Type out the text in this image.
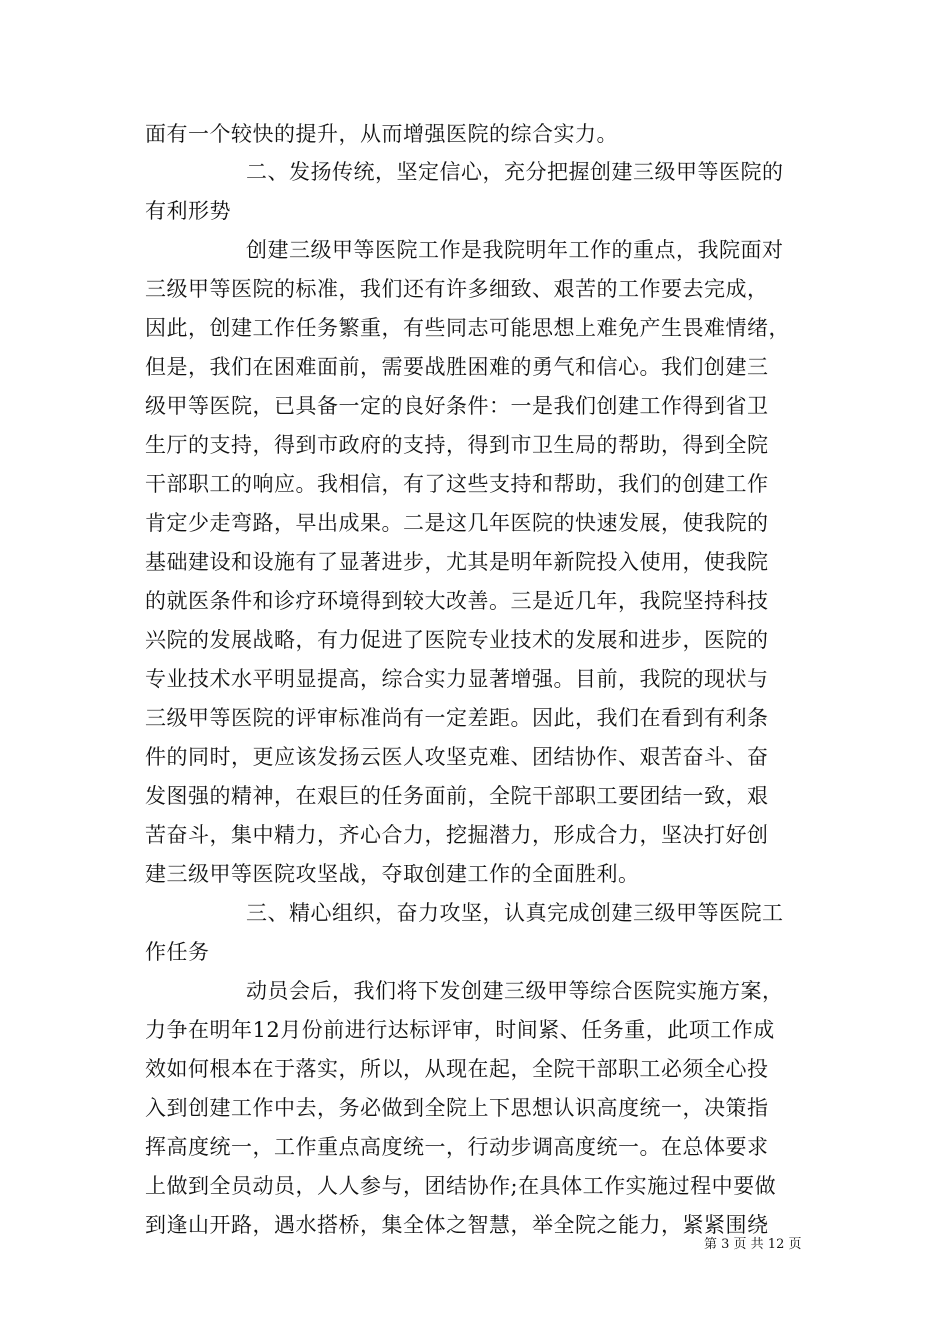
面有一个较快的提升，从而增强医院的综合实力。
二、发扬传统，坚定信心，充分把握创建三级甲等医院的
有利形势
创建三级甲等医院工作是我院明年工作的重点，我院面对
三级甲等医院的标准，我们还有许多细致、艰苦的工作要去完成，
因此，创建工作任务繁重，有些同志可能思想上难免产生畏难情绪，
但是，我们在困难面前，需要战胜困难的勇气和信心。我们创建三
级甲等医院，已具备一定的良好条件：一是我们创建工作得到省卫
生厅的支持，得到市政府的支持，得到市卫生局的帮助，得到全院
干部职工的响应。我相信，有了这些支持和帮助，我们的创建工作
肯定少走弯路，早出成果。二是这几年医院的快速发展，使我院的
基础建设和设施有了显著进步，尤其是明年新院投入使用，使我院
的就医条件和诊疗环境得到较大改善。三是近几年，我院坚持科技
兴院的发展战略，有力促进了医院专业技术的发展和进步，医院的
专业技术水平明显提高，综合实力显著增强。目前，我院的现状与
三级甲等医院的评审标准尚有一定差距。因此，我们在看到有利条
件的同时，更应该发扬云医人攻坚克难、团结协作、艰苦奋斗、奋
发图强的精神，在艰巨的任务面前，全院干部职工要团结一致，艰
苦奋斗，集中精力，齐心合力，挖掘潜力，形成合力，坚决打好创
建三级甲等医院攻坚战，夺取创建工作的全面胜利。
三、精心组织，奋力攻坚，认真完成创建三级甲等医院工
作任务
动员会后，我们将下发创建三级甲等综合医院实施方案，
力争在明年12月份前进行达标评审，时间紧、任务重，此项工作成
效如何根本在于落实，所以，从现在起，全院干部职工必须全心投
入到创建工作中去，务必做到全院上下思想认识高度统一，决策指
挥高度统一，工作重点高度统一，行动步调高度统一。在总体要求
上做到全员动员，人人参与，团结协作;在具体工作实施过程中要做
到逢山开路，遇水搭桥，集全体之智慧，举全院之能力，紧紧围绕
第 3 页 共 12 页
